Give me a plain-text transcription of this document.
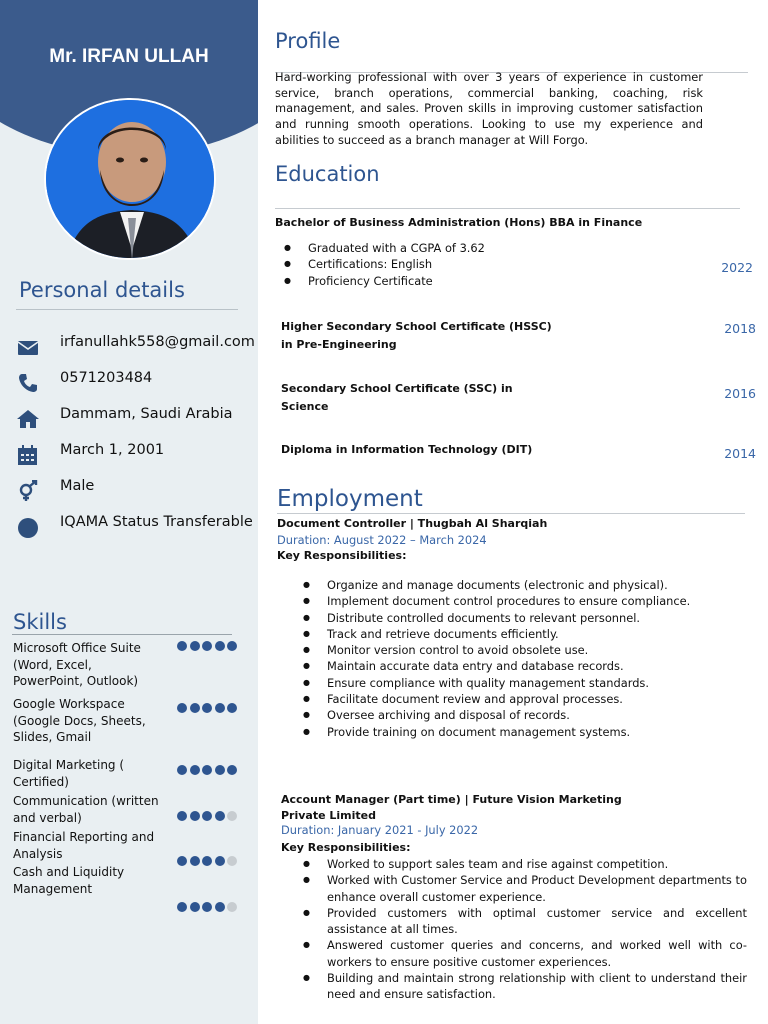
Mr. IRFAN ULLAH
Personal details
irfanullahk558@gmail.com
0571203484
Dammam, Saudi Arabia
March 1, 2001
Male
IQAMA Status Transferable
Skills
Microsoft Office Suite (Word, Excel, PowerPoint, Outlook)
Google Workspace (Google Docs, Sheets, Slides, Gmail
Digital Marketing ( Certified)
Communication (written and verbal)
Financial Reporting and Analysis
Cash and Liquidity Management
Profile
Hard-working professional with over 3 years of experience in customer service, branch operations, commercial banking, coaching, risk management, and sales. Proven skills in improving customer satisfaction and running smooth operations. Looking to use my experience and abilities to succeed as a branch manager at Will Forgo.
Education
Bachelor of Business Administration (Hons) BBA in Finance
● Graduated with a CGPA of 3.62
● Certifications: English
● Proficiency Certificate
2022
Higher Secondary School Certificate (HSSC)
in Pre-Engineering
2018
Secondary School Certificate (SSC) in
Science
2016
Diploma in Information Technology (DIT)	2014
Employment
Document Controller | Thugbah Al Sharqiah
Duration: August 2022 – March 2024
Key Responsibilities:
● Organize and manage documents (electronic and physical).
● Implement document control procedures to ensure compliance.
● Distribute controlled documents to relevant personnel.
● Track and retrieve documents efficiently.
● Monitor version control to avoid obsolete use.
● Maintain accurate data entry and database records.
● Ensure compliance with quality management standards.
● Facilitate document review and approval processes.
● Oversee archiving and disposal of records.
● Provide training on document management systems.
Account Manager (Part time) | Future Vision Marketing
Private Limited
Duration: January 2021 - July 2022
Key Responsibilities:
● Worked to support sales team and rise against competition.
● Worked with Customer Service and Product Development departments to enhance overall customer experience.
● Provided customers with optimal customer service and excellent assistance at all times.
● Answered customer queries and concerns, and worked well with co-workers to ensure positive customer experiences.
● Building and maintain strong relationship with client to understand their need and ensure satisfaction.
